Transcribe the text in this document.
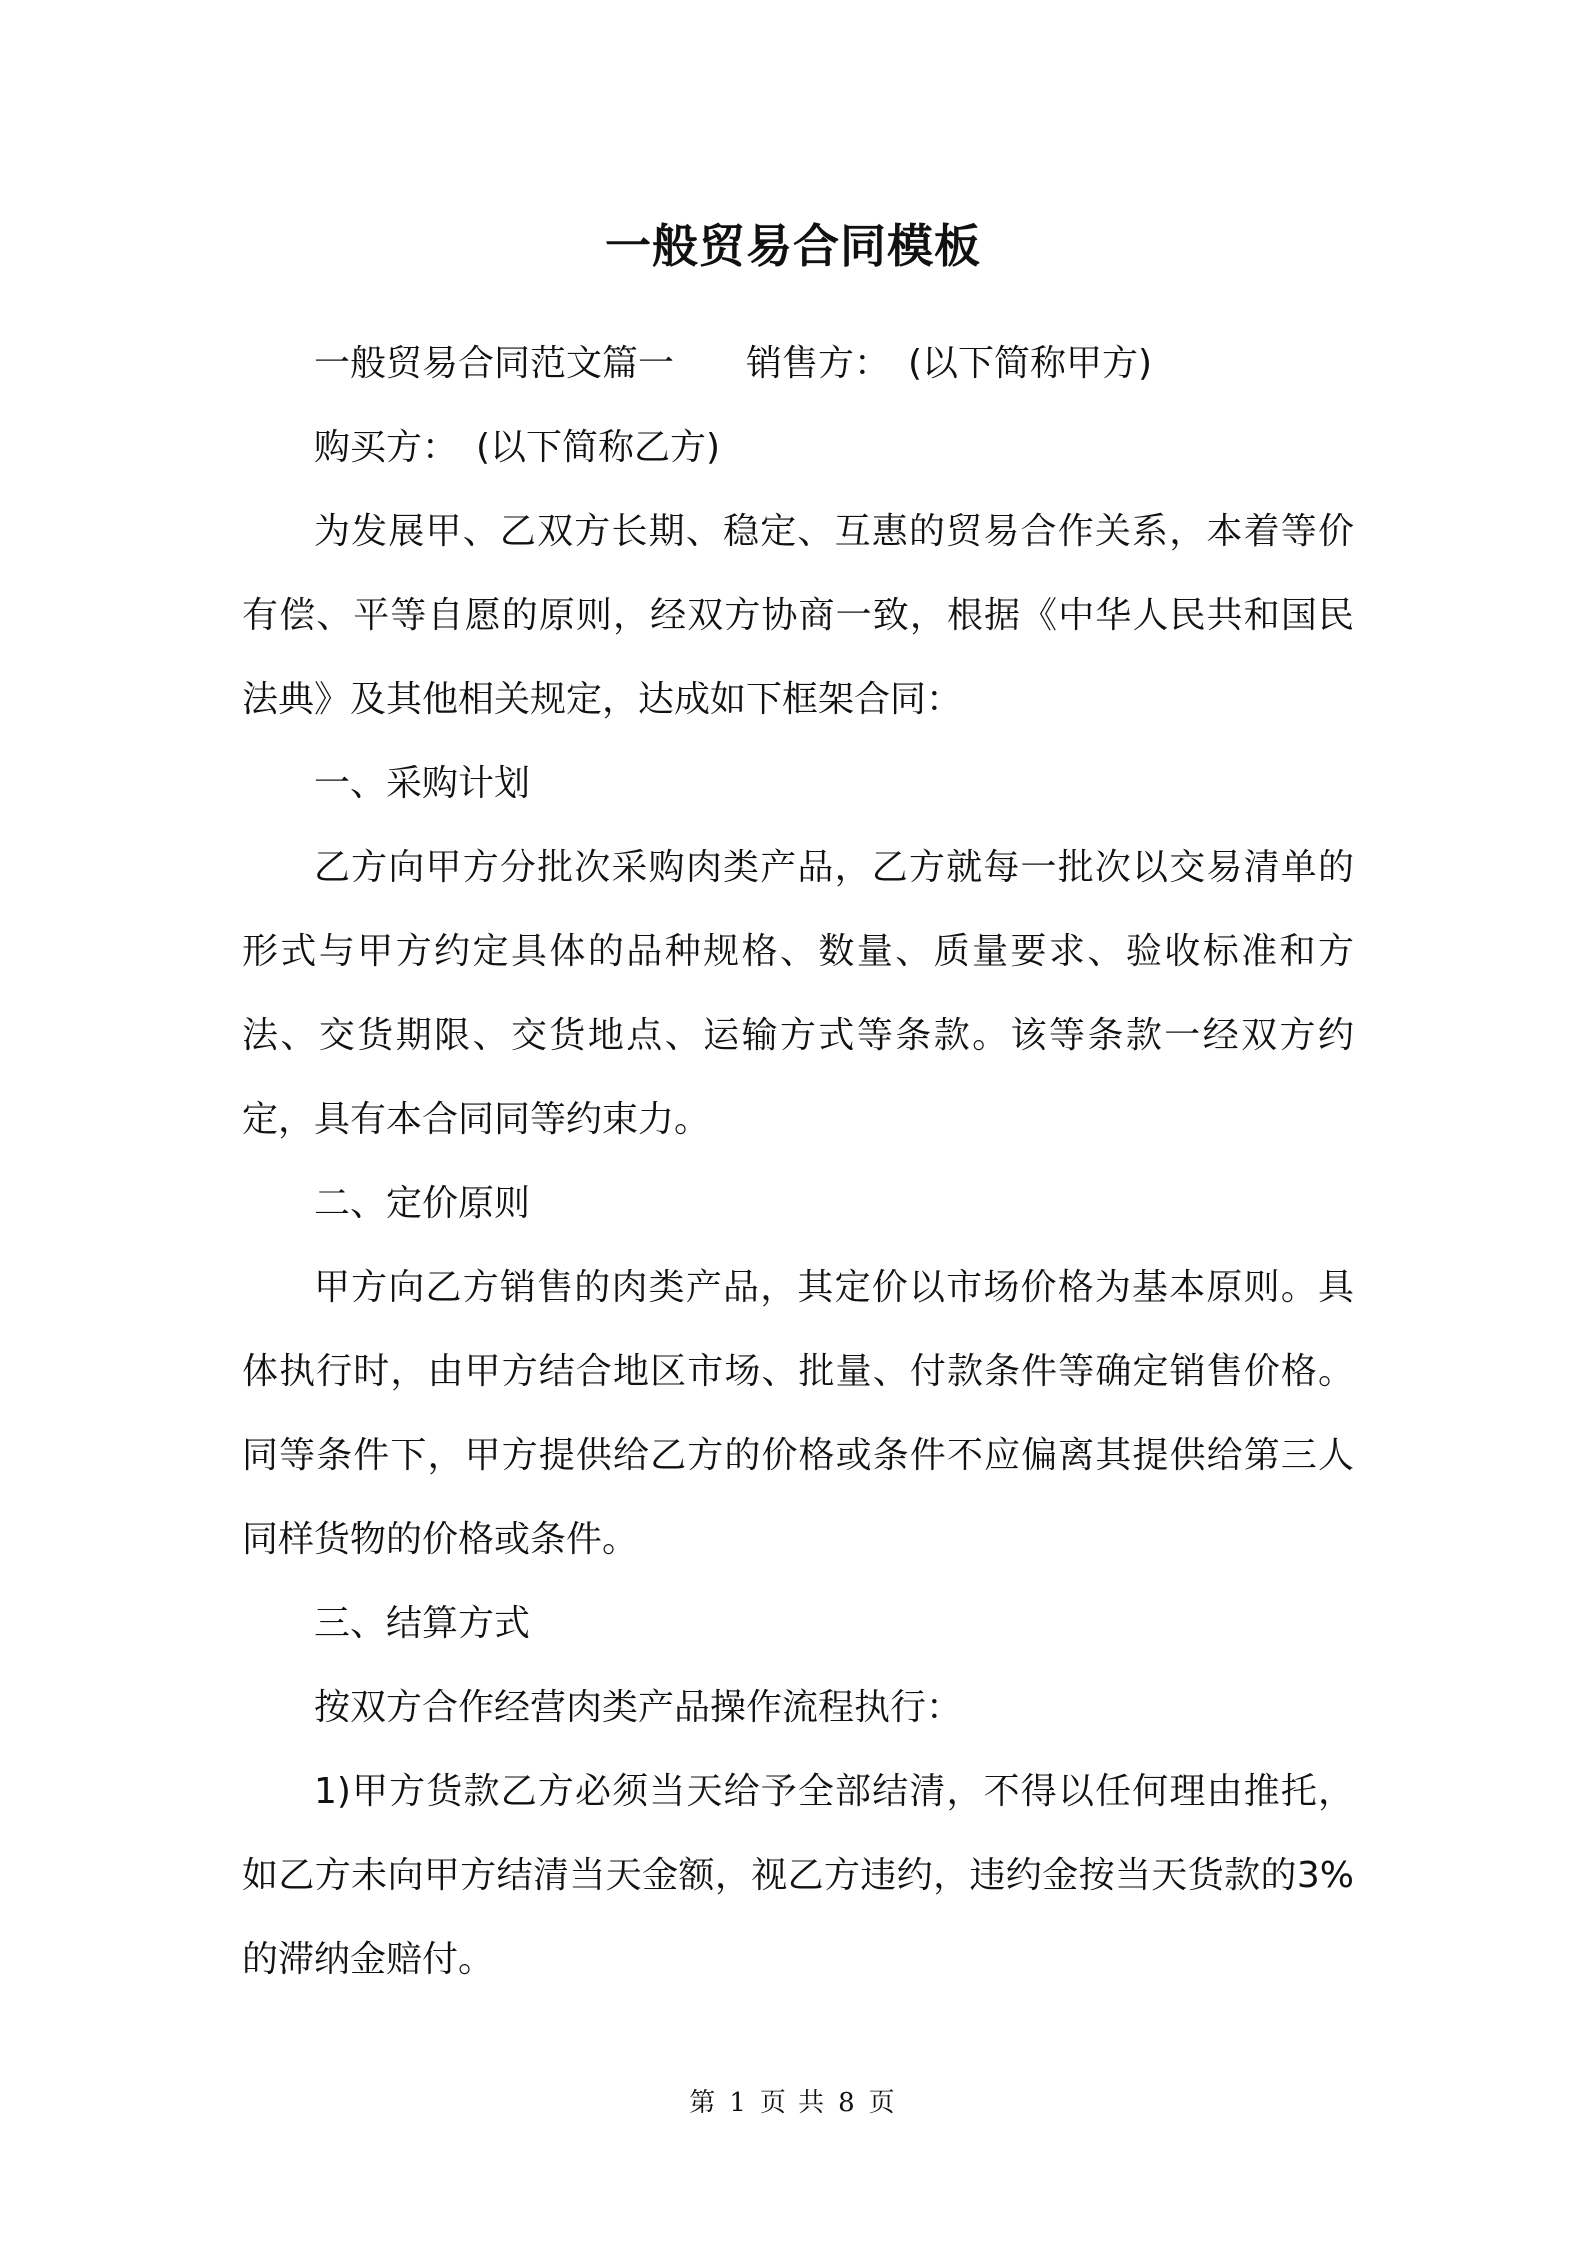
一般贸易合同模板

一般贸易合同范文篇一 销售方：　(以下简称甲方)

购买方：　(以下简称乙方)

为发展甲、乙双方长期、稳定、互惠的贸易合作关系，本着等价有偿、平等自愿的原则，经双方协商一致，根据《中华人民共和国民法典》及其他相关规定，达成如下框架合同：

一、采购计划

乙方向甲方分批次采购肉类产品，乙方就每一批次以交易清单的形式与甲方约定具体的品种规格、数量、质量要求、验收标准和方法、交货期限、交货地点、运输方式等条款。该等条款一经双方约定，具有本合同同等约束力。

二、定价原则

甲方向乙方销售的肉类产品，其定价以市场价格为基本原则。具体执行时，由甲方结合地区市场、批量、付款条件等确定销售价格。同等条件下，甲方提供给乙方的价格或条件不应偏离其提供给第三人同样货物的价格或条件。

三、结算方式

按双方合作经营肉类产品操作流程执行：

1)甲方货款乙方必须当天给予全部结清，不得以任何理由推托，如乙方未向甲方结清当天金额，视乙方违约，违约金按当天货款的3%的滞纳金赔付。

第 1 页 共 8 页
